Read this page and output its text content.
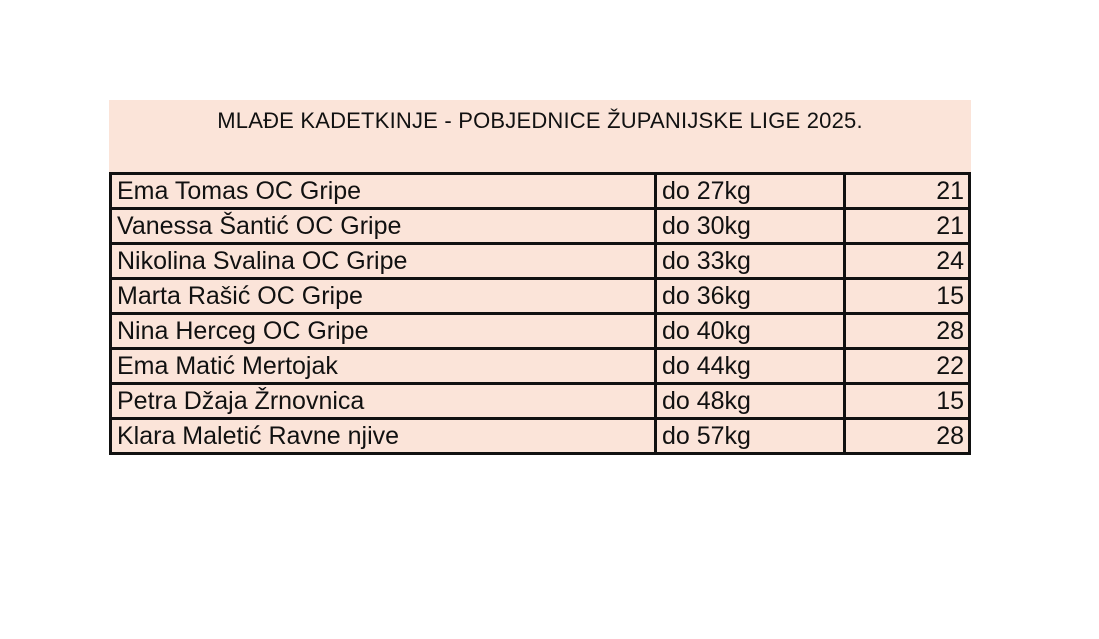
MLAĐE KADETKINJE - POBJEDNICE ŽUPANIJSKE LIGE 2025.
Ema Tomas OC Gripe	do 27kg	21
Vanessa Šantić OC Gripe	do 30kg	21
Nikolina Svalina OC Gripe	do 33kg	24
Marta Rašić OC Gripe	do 36kg	15
Nina Herceg OC Gripe	do 40kg	28
Ema Matić Mertojak	do 44kg	22
Petra Džaja Žrnovnica	do 48kg	15
Klara Maletić Ravne njive	do 57kg	28
